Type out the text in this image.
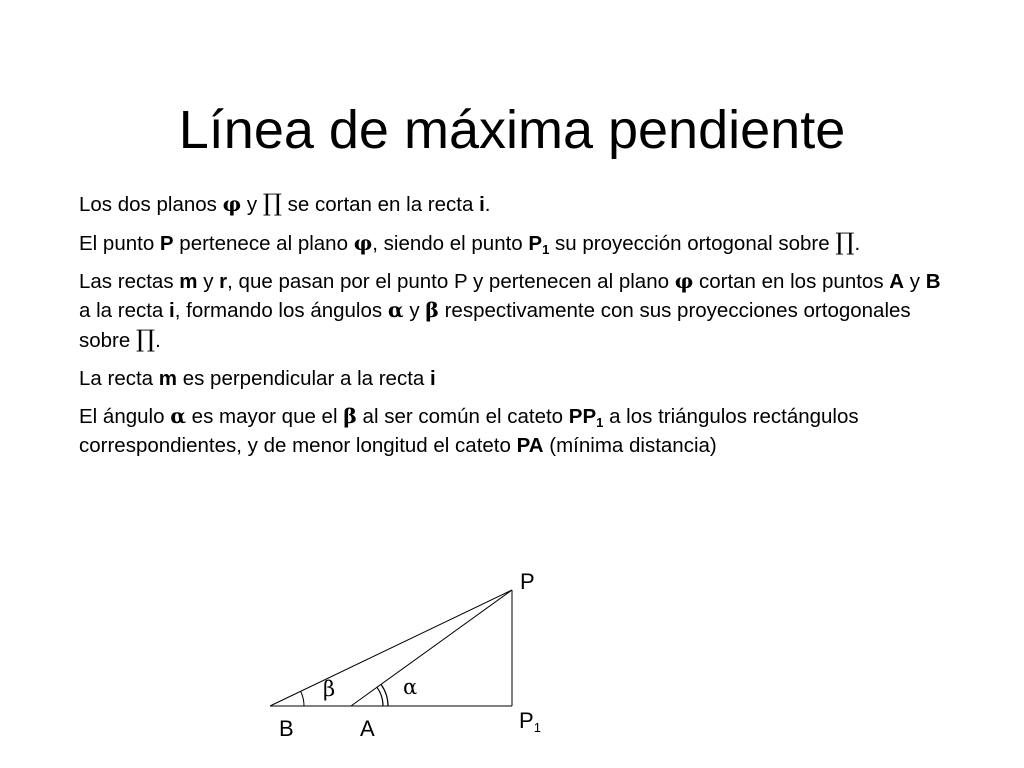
Línea de máxima pendiente

Los dos planos φ y ∏ se cortan en la recta i.

El punto P pertenece al plano φ, siendo el punto $P_1$ su proyección ortogonal sobre ∏.

Las rectas m y r, que pasan por el punto P y pertenecen al plano φ cortan en los puntos A y B a la recta i, formando los ángulos α y β respectivamente con sus proyecciones ortogonales sobre ∏.

La recta m es perpendicular a la recta i

El ángulo α es mayor que el β al ser común el cateto $PP_1$ a los triángulos rectángulos correspondientes, y de menor longitud el cateto PA (mínima distancia)

P
$P_1$
B	A
β	α
